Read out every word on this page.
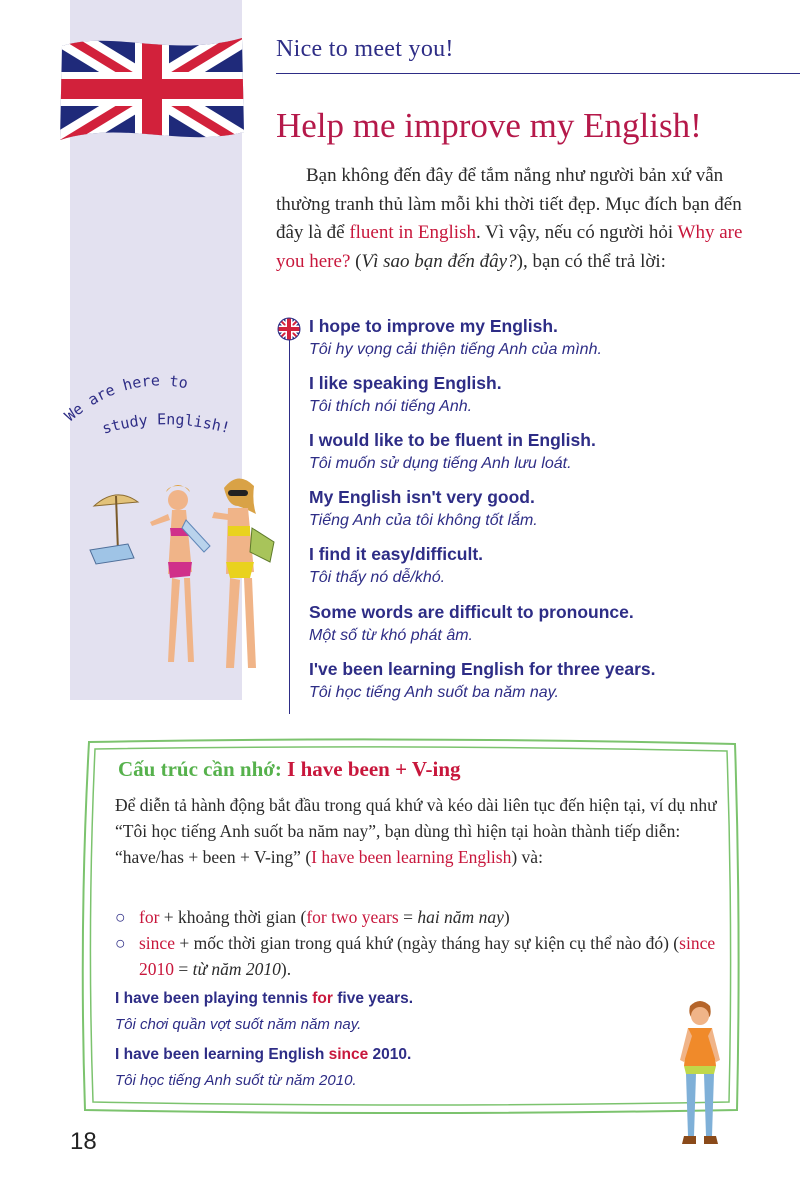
Nice to meet you!
Help me improve my English!

Bạn không đến đây để tắm nắng như người bản xứ vẫn thường tranh thủ làm mỗi khi thời tiết đẹp. Mục đích bạn đến đây là để fluent in English. Vì vậy, nếu có người hỏi Why are you here? (Vì sao bạn đến đây?), bạn có thể trả lời:

We are here to
study English!
I hope to improve my English.
Tôi hy vọng cải thiện tiếng Anh của mình.
I like speaking English.
Tôi thích nói tiếng Anh.
I would like to be fluent in English.
Tôi muốn sử dụng tiếng Anh lưu loát.
My English isn't very good.
Tiếng Anh của tôi không tốt lắm.
I find it easy/difficult.
Tôi thấy nó dễ/khó.
Some words are difficult to pronounce.
Một số từ khó phát âm.
I've been learning English for three years.
Tôi học tiếng Anh suốt ba năm nay.
Cấu trúc cần nhớ: I have been + V-ing

Để diễn tả hành động bắt đầu trong quá khứ và kéo dài liên tục đến hiện tại, ví dụ như “Tôi học tiếng Anh suốt ba năm nay”, bạn dùng thì hiện tại hoàn thành tiếp diễn: “have/has + been + V-ing” (I have been learning English) và:

○ for + khoảng thời gian (for two years = hai năm nay)
○ since + mốc thời gian trong quá khứ (ngày tháng hay sự kiện cụ thể nào đó) (since 2010 = từ năm 2010).
I have been playing tennis for five years.
Tôi chơi quần vợt suốt năm năm nay.
I have been learning English since 2010.
Tôi học tiếng Anh suốt từ năm 2010.
18
